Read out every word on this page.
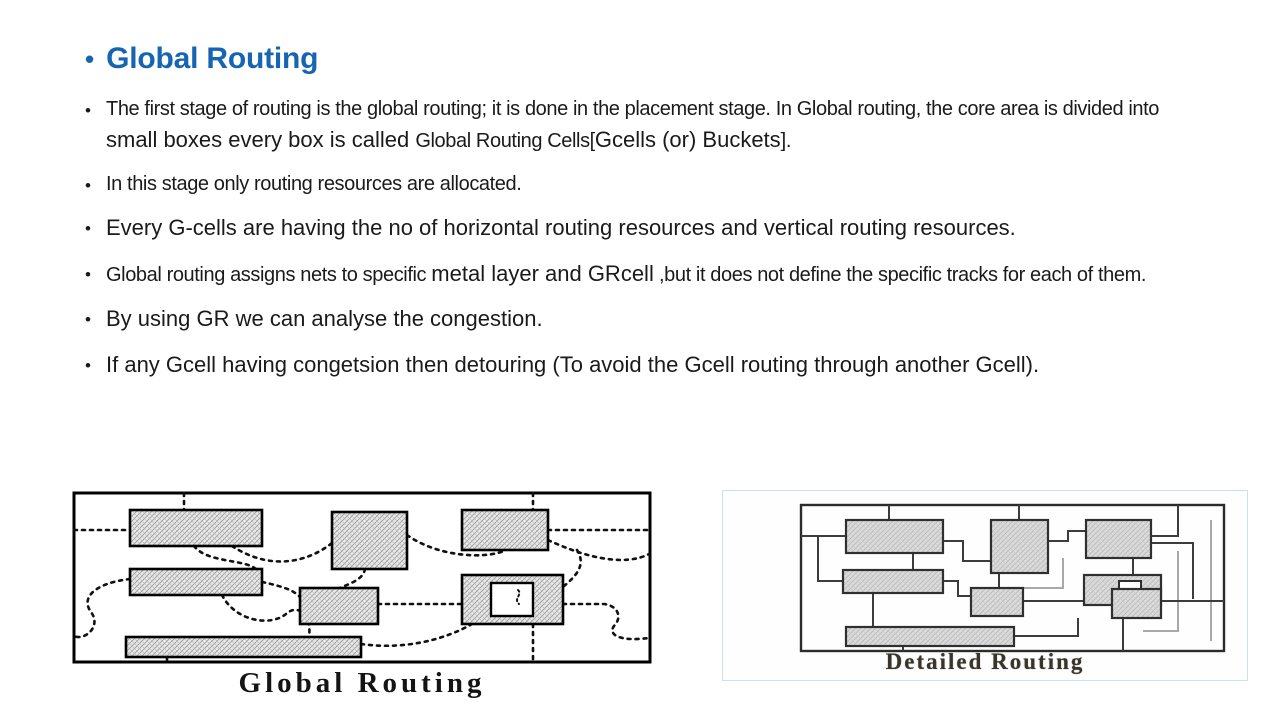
• Global Routing
• The first stage of routing is the global routing; it is done in the placement stage. In Global routing, the core area is divided into small boxes every box is called Global Routing Cells[Gcells (or) Buckets].
• In this stage only routing resources are allocated.
• Every G-cells are having the no of horizontal routing resources and vertical routing resources.
• Global routing assigns nets to specific metal layer and GRcell ,but it does not define the specific tracks for each of them.
• By using GR we can analyse the congestion.
• If any Gcell having congetsion then detouring (To avoid the Gcell routing through another Gcell).
Global Routing
Detailed Routing
